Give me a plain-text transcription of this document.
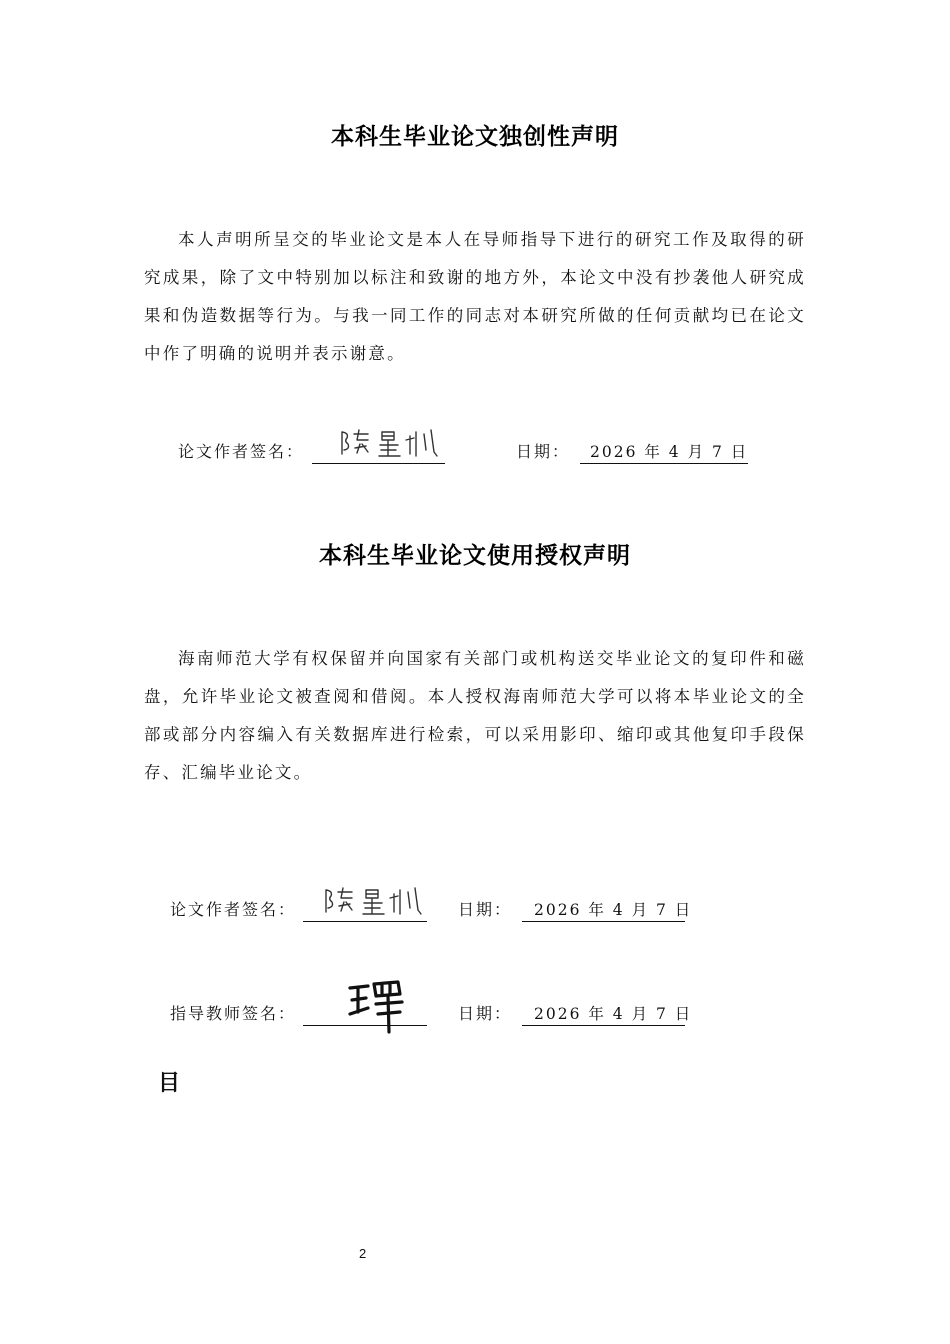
本科生毕业论文独创性声明
本人声明所呈交的毕业论文是本人在导师指导下进行的研究工作及取得的研究成果，除了文中特别加以标注和致谢的地方外，本论文中没有抄袭他人研究成果和伪造数据等行为。与我一同工作的同志对本研究所做的任何贡献均已在论文中作了明确的说明并表示谢意。
论文作者签名：	日期： 2026 年 4 月 7 日
本科生毕业论文使用授权声明
海南师范大学有权保留并向国家有关部门或机构送交毕业论文的复印件和磁盘，允许毕业论文被查阅和借阅。本人授权海南师范大学可以将本毕业论文的全部或部分内容编入有关数据库进行检索，可以采用影印、缩印或其他复印手段保存、汇编毕业论文。
论文作者签名：	日期： 2026 年 4 月 7 日
指导教师签名：	日期： 2026 年 4 月 7 日
目
2
